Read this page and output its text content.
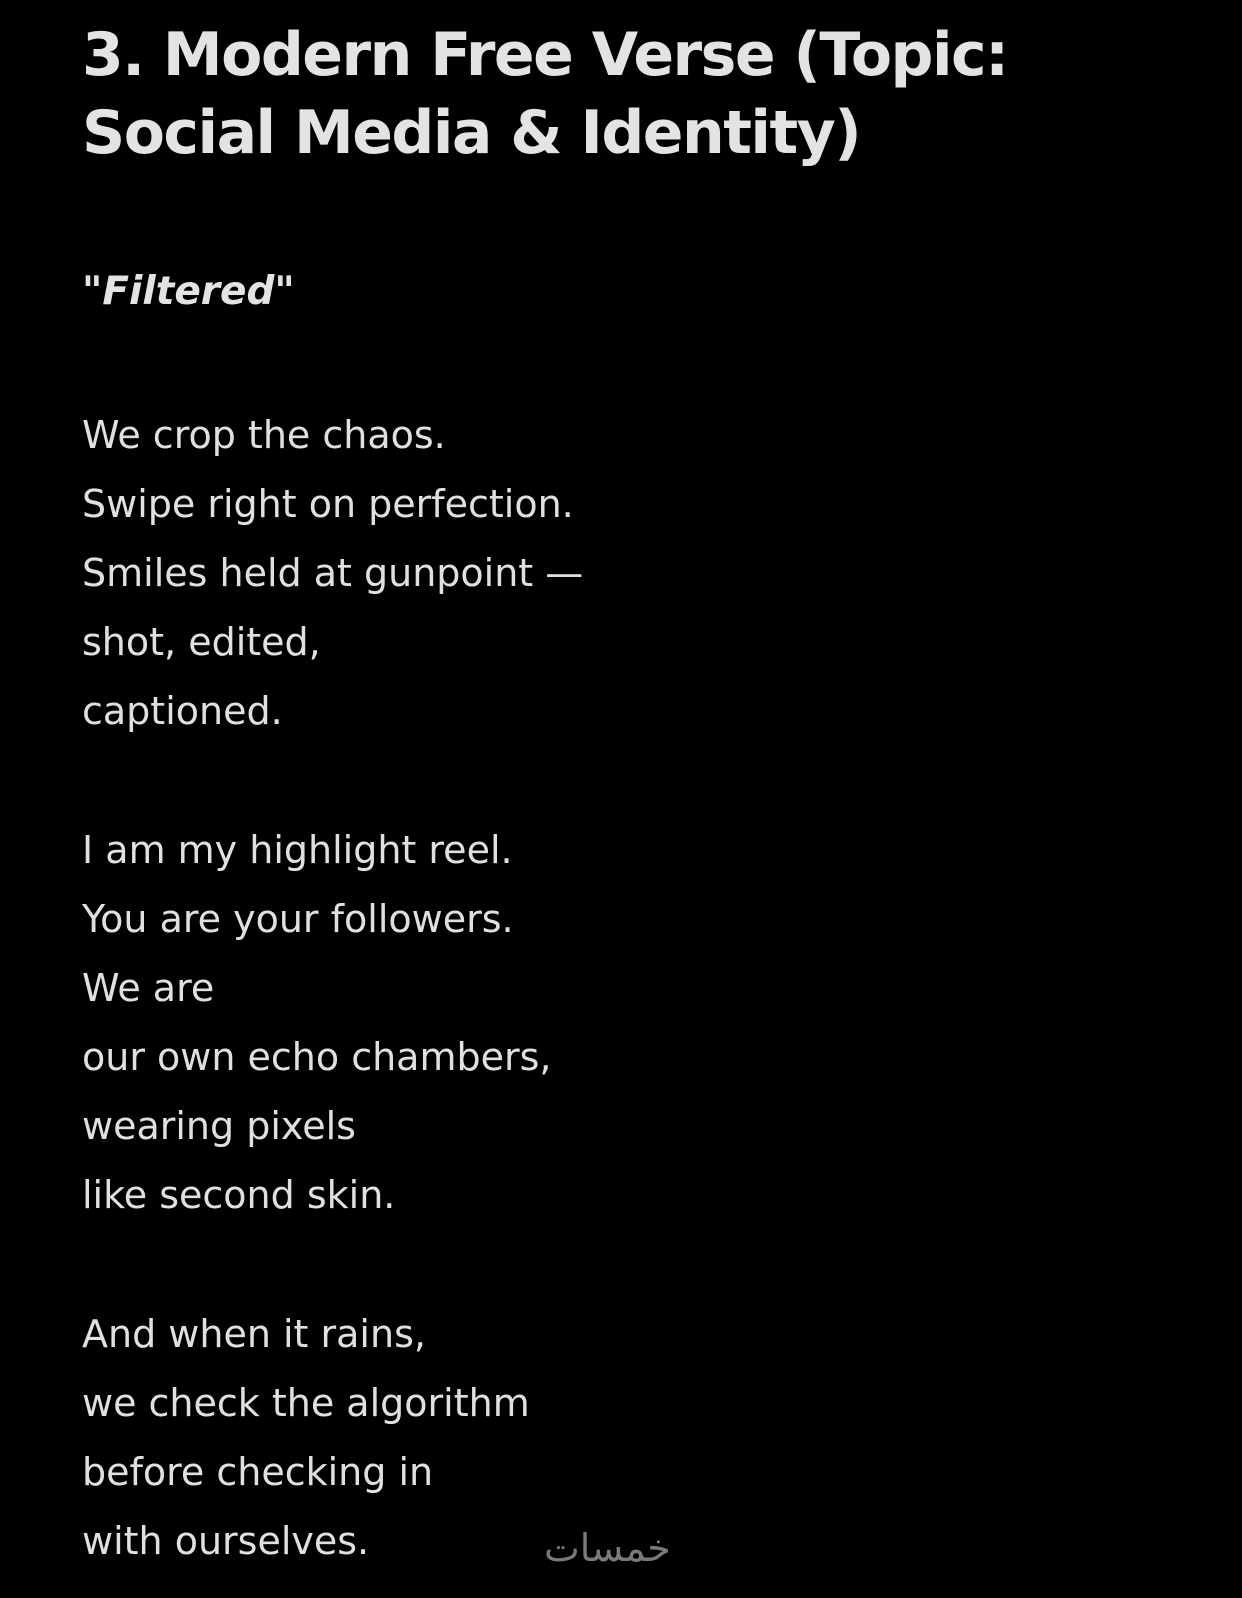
3. Modern Free Verse (Topic:
Social Media & Identity)
"Filtered"
We crop the chaos.
Swipe right on perfection.
Smiles held at gunpoint —
shot, edited,
captioned.
I am my highlight reel.
You are your followers.
We are
our own echo chambers,
wearing pixels
like second skin.
And when it rains,
we check the algorithm
before checking in
with ourselves.	خمسات
